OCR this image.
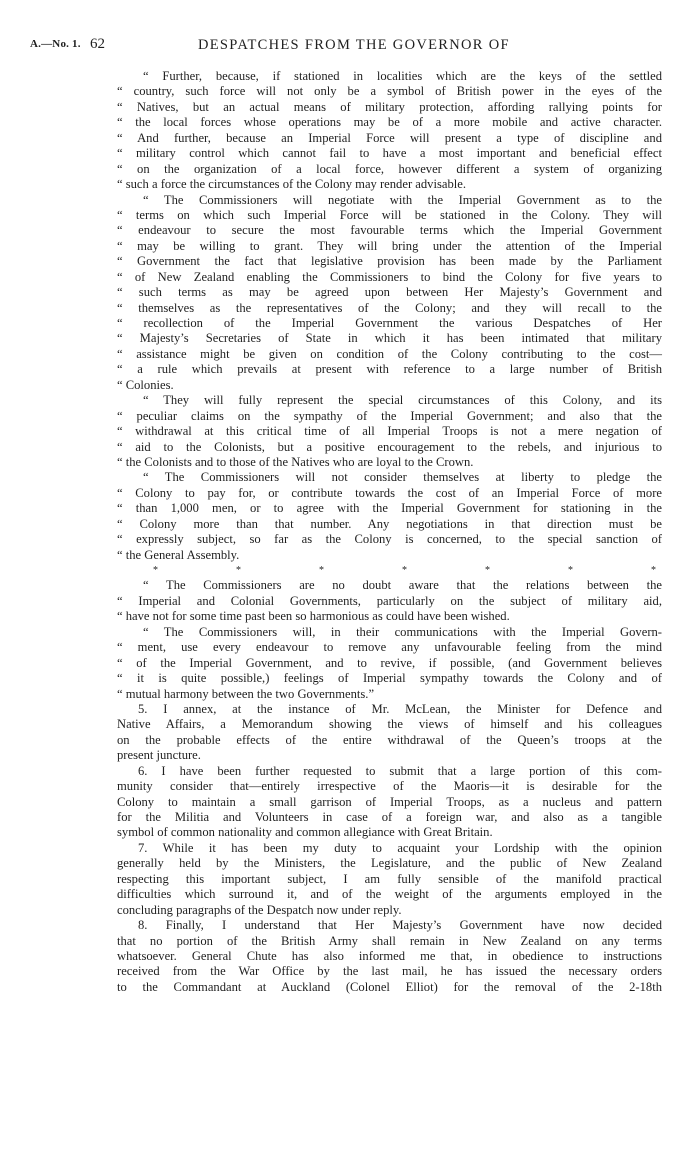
A.—No. 1. 62	DESPATCHES FROM THE GOVERNOR OF
“ Further, because, if stationed in localities which are the keys of the settled
“ country, such force will not only be a symbol of British power in the eyes of the
“ Natives, but an actual means of military protection, affording rallying points for
“ the local forces whose operations may be of a more mobile and active character.
“ And further, because an Imperial Force will present a type of discipline and
“ military control which cannot fail to have a most important and beneficial effect
“ on the organization of a local force, however different a system of organizing
“ such a force the circumstances of the Colony may render advisable.
“ The Commissioners will negotiate with the Imperial Government as to the
“ terms on which such Imperial Force will be stationed in the Colony. They will
“ endeavour to secure the most favourable terms which the Imperial Government
“ may be willing to grant. They will bring under the attention of the Imperial
“ Government the fact that legislative provision has been made by the Parliament
“ of New Zealand enabling the Commissioners to bind the Colony for five years to
“ such terms as may be agreed upon between Her Majesty’s Government and
“ themselves as the representatives of the Colony; and they will recall to the
“ recollection of the Imperial Government the various Despatches of Her
“ Majesty’s Secretaries of State in which it has been intimated that military
“ assistance might be given on condition of the Colony contributing to the cost—
“ a rule which prevails at present with reference to a large number of British
“ Colonies.
“ They will fully represent the special circumstances of this Colony, and its
“ peculiar claims on the sympathy of the Imperial Government; and also that the
“ withdrawal at this critical time of all Imperial Troops is not a mere negation of
“ aid to the Colonists, but a positive encouragement to the rebels, and injurious to
“ the Colonists and to those of the Natives who are loyal to the Crown.
“ The Commissioners will not consider themselves at liberty to pledge the
“ Colony to pay for, or contribute towards the cost of an Imperial Force of more
“ than 1,000 men, or to agree with the Imperial Government for stationing in the
“ Colony more than that number. Any negotiations in that direction must be
“ expressly subject, so far as the Colony is concerned, to the special sanction of
“ the General Assembly.
*	*	*	*	*	*	*
“ The Commissioners are no doubt aware that the relations between the
“ Imperial and Colonial Governments, particularly on the subject of military aid,
“ have not for some time past been so harmonious as could have been wished.
“ The Commissioners will, in their communications with the Imperial Govern-
“ ment, use every endeavour to remove any unfavourable feeling from the mind
“ of the Imperial Government, and to revive, if possible, (and Government believes
“ it is quite possible,) feelings of Imperial sympathy towards the Colony and of
“ mutual harmony between the two Governments.”
5. I annex, at the instance of Mr. McLean, the Minister for Defence and
Native Affairs, a Memorandum showing the views of himself and his colleagues
on the probable effects of the entire withdrawal of the Queen’s troops at the
present juncture.
6. I have been further requested to submit that a large portion of this com-
munity consider that—entirely irrespective of the Maoris—it is desirable for the
Colony to maintain a small garrison of Imperial Troops, as a nucleus and pattern
for the Militia and Volunteers in case of a foreign war, and also as a tangible
symbol of common nationality and common allegiance with Great Britain.
7. While it has been my duty to acquaint your Lordship with the opinion
generally held by the Ministers, the Legislature, and the public of New Zealand
respecting this important subject, I am fully sensible of the manifold practical
difficulties which surround it, and of the weight of the arguments employed in the
concluding paragraphs of the Despatch now under reply.
8. Finally, I understand that Her Majesty’s Government have now decided
that no portion of the British Army shall remain in New Zealand on any terms
whatsoever. General Chute has also informed me that, in obedience to instructions
received from the War Office by the last mail, he has issued the necessary orders
to the Commandant at Auckland (Colonel Elliot) for the removal of the 2-18th
